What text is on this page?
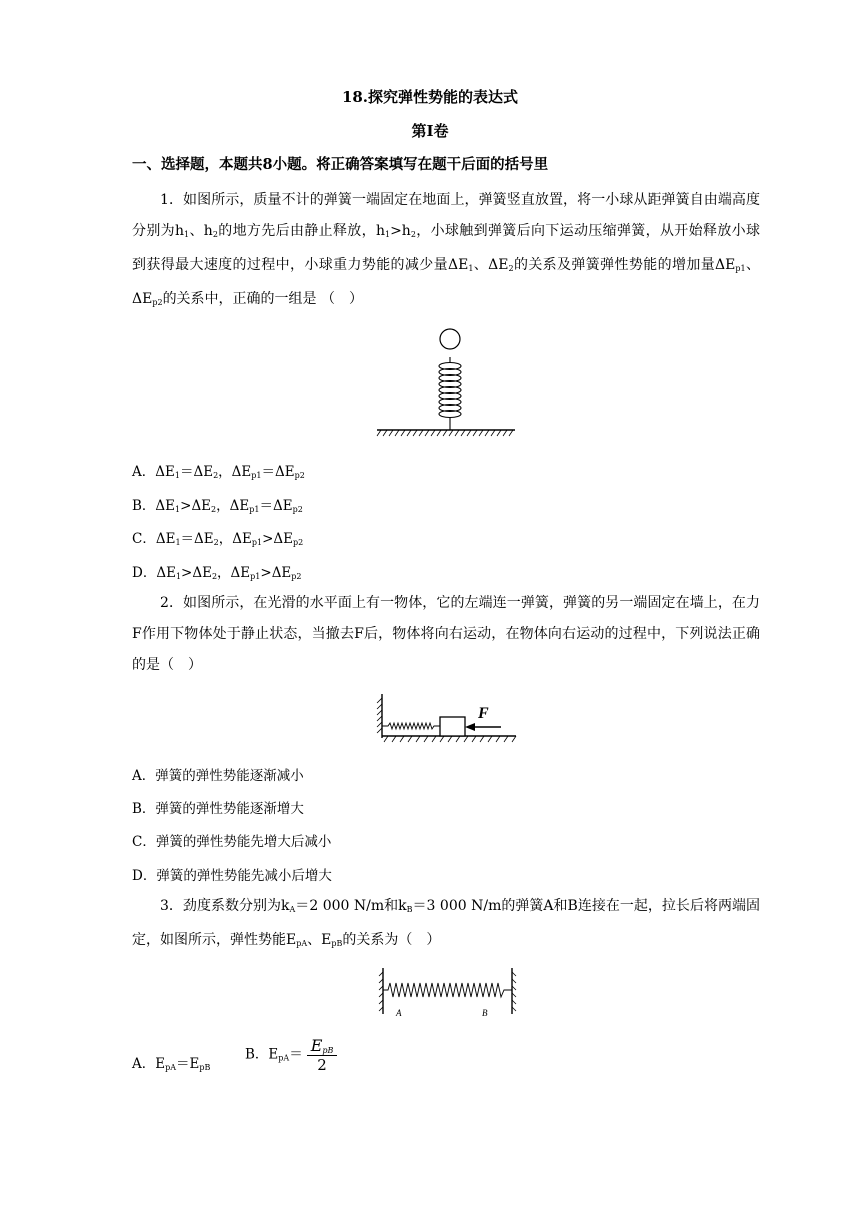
18.探究弹性势能的表达式
第Ⅰ卷
一、选择题，本题共8小题。将正确答案填写在题干后面的括号里
1．如图所示，质量不计的弹簧一端固定在地面上，弹簧竖直放置，将一小球从距弹簧自由端高度分别为$h_1$、$h_2$的地方先后由静止释放，$h_1>h_2$，小球触到弹簧后向下运动压缩弹簧，从开始释放小球到获得最大速度的过程中，小球重力势能的减少量$\Delta E_1$、$\Delta E_2$的关系及弹簧弹性势能的增加量$\Delta E_{p1}$、$\Delta E_{p2}$的关系中，正确的一组是 （　）
A．$\Delta E_1=\Delta E_2$，$\Delta E_{p1}=\Delta E_{p2}$
B．$\Delta E_1>\Delta E_2$，$\Delta E_{p1}=\Delta E_{p2}$
C．$\Delta E_1=\Delta E_2$，$\Delta E_{p1}>\Delta E_{p2}$
D．$\Delta E_1>\Delta E_2$，$\Delta E_{p1}>\Delta E_{p2}$
2．如图所示，在光滑的水平面上有一物体，它的左端连一弹簧，弹簧的另一端固定在墙上，在力F作用下物体处于静止状态，当撤去F后，物体将向右运动，在物体向右运动的过程中，下列说法正确的是（　）
F
A．弹簧的弹性势能逐渐减小
B．弹簧的弹性势能逐渐增大
C．弹簧的弹性势能先增大后减小
D．弹簧的弹性势能先减小后增大
3．劲度系数分别为$k_A=2$ 000 N/m和$k_B=3$ 000 N/m的弹簧A和B连接在一起，拉长后将两端固定，如图所示，弹性势能$E_{pA}$、$E_{pB}$的关系为（　）
A	B
A．$E_{pA}=E_{pB}$
B．$E_{pA}= \frac{E_{pB}}{2}$
